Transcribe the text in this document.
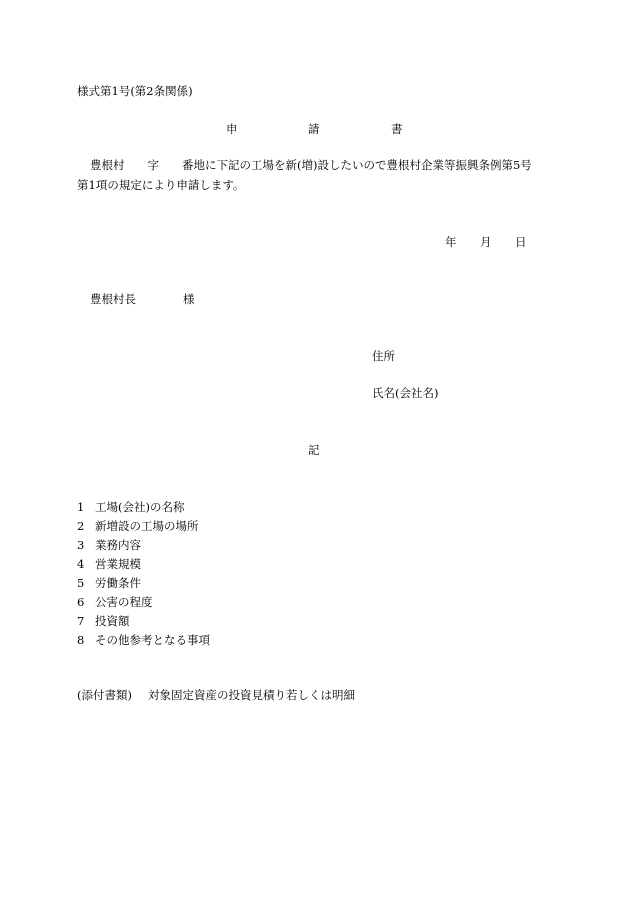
様式第1号(第2条関係)
申	請	書
豊根村　　字　　番地に下記の工場を新(増)設したいので豊根村企業等振興条例第5号
第1項の規定により申請します。
年 月 日
豊根村長	様
住所
氏名(会社名)
記
1 工場(会社)の名称
2 新増設の工場の場所
3 業務内容
4 営業規模
5 労働条件
6 公害の程度
7 投資額
8 その他参考となる事項
(添付書類) 対象固定資産の投資見積り若しくは明細
